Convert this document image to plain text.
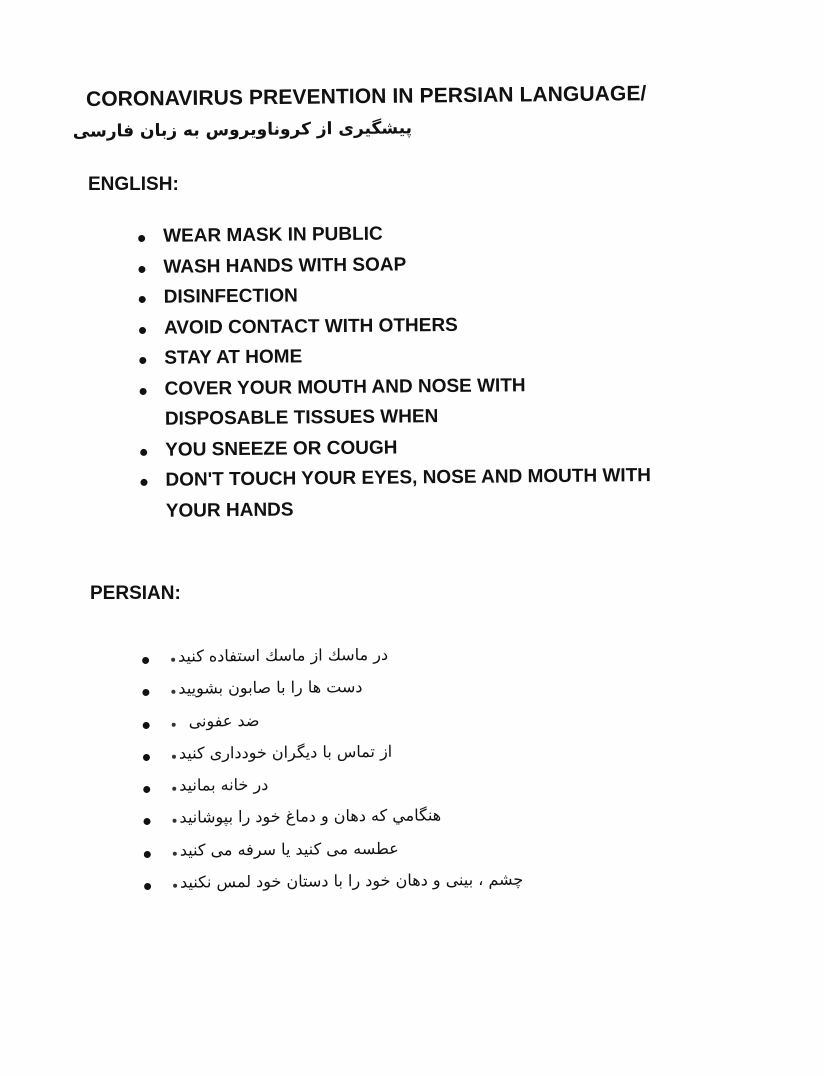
CORONAVIRUS PREVENTION IN PERSIAN LANGUAGE/
پیشگیری از کروناویروس به زبان فارسی
ENGLISH:
WEAR MASK IN PUBLIC
WASH HANDS WITH SOAP
DISINFECTION
AVOID CONTACT WITH OTHERS
STAY AT HOME
COVER YOUR MOUTH AND NOSE WITH DISPOSABLE TISSUES WHEN
YOU SNEEZE OR COUGH
DON'T TOUCH YOUR EYES, NOSE AND MOUTH WITH YOUR HANDS
PERSIAN:
در ماسك از ماسك استفاده كنيد
دست ها را با صابون بشوييد
ضد عفونی
از تماس با دیگران خودداری كنید
در خانه بمانيد
هنگامي كه دهان و دماغ خود را بپوشانيد
عطسه می كنید یا سرفه می كنید
چشم ، بینی و دهان خود را با دستان خود لمس نكنيد
